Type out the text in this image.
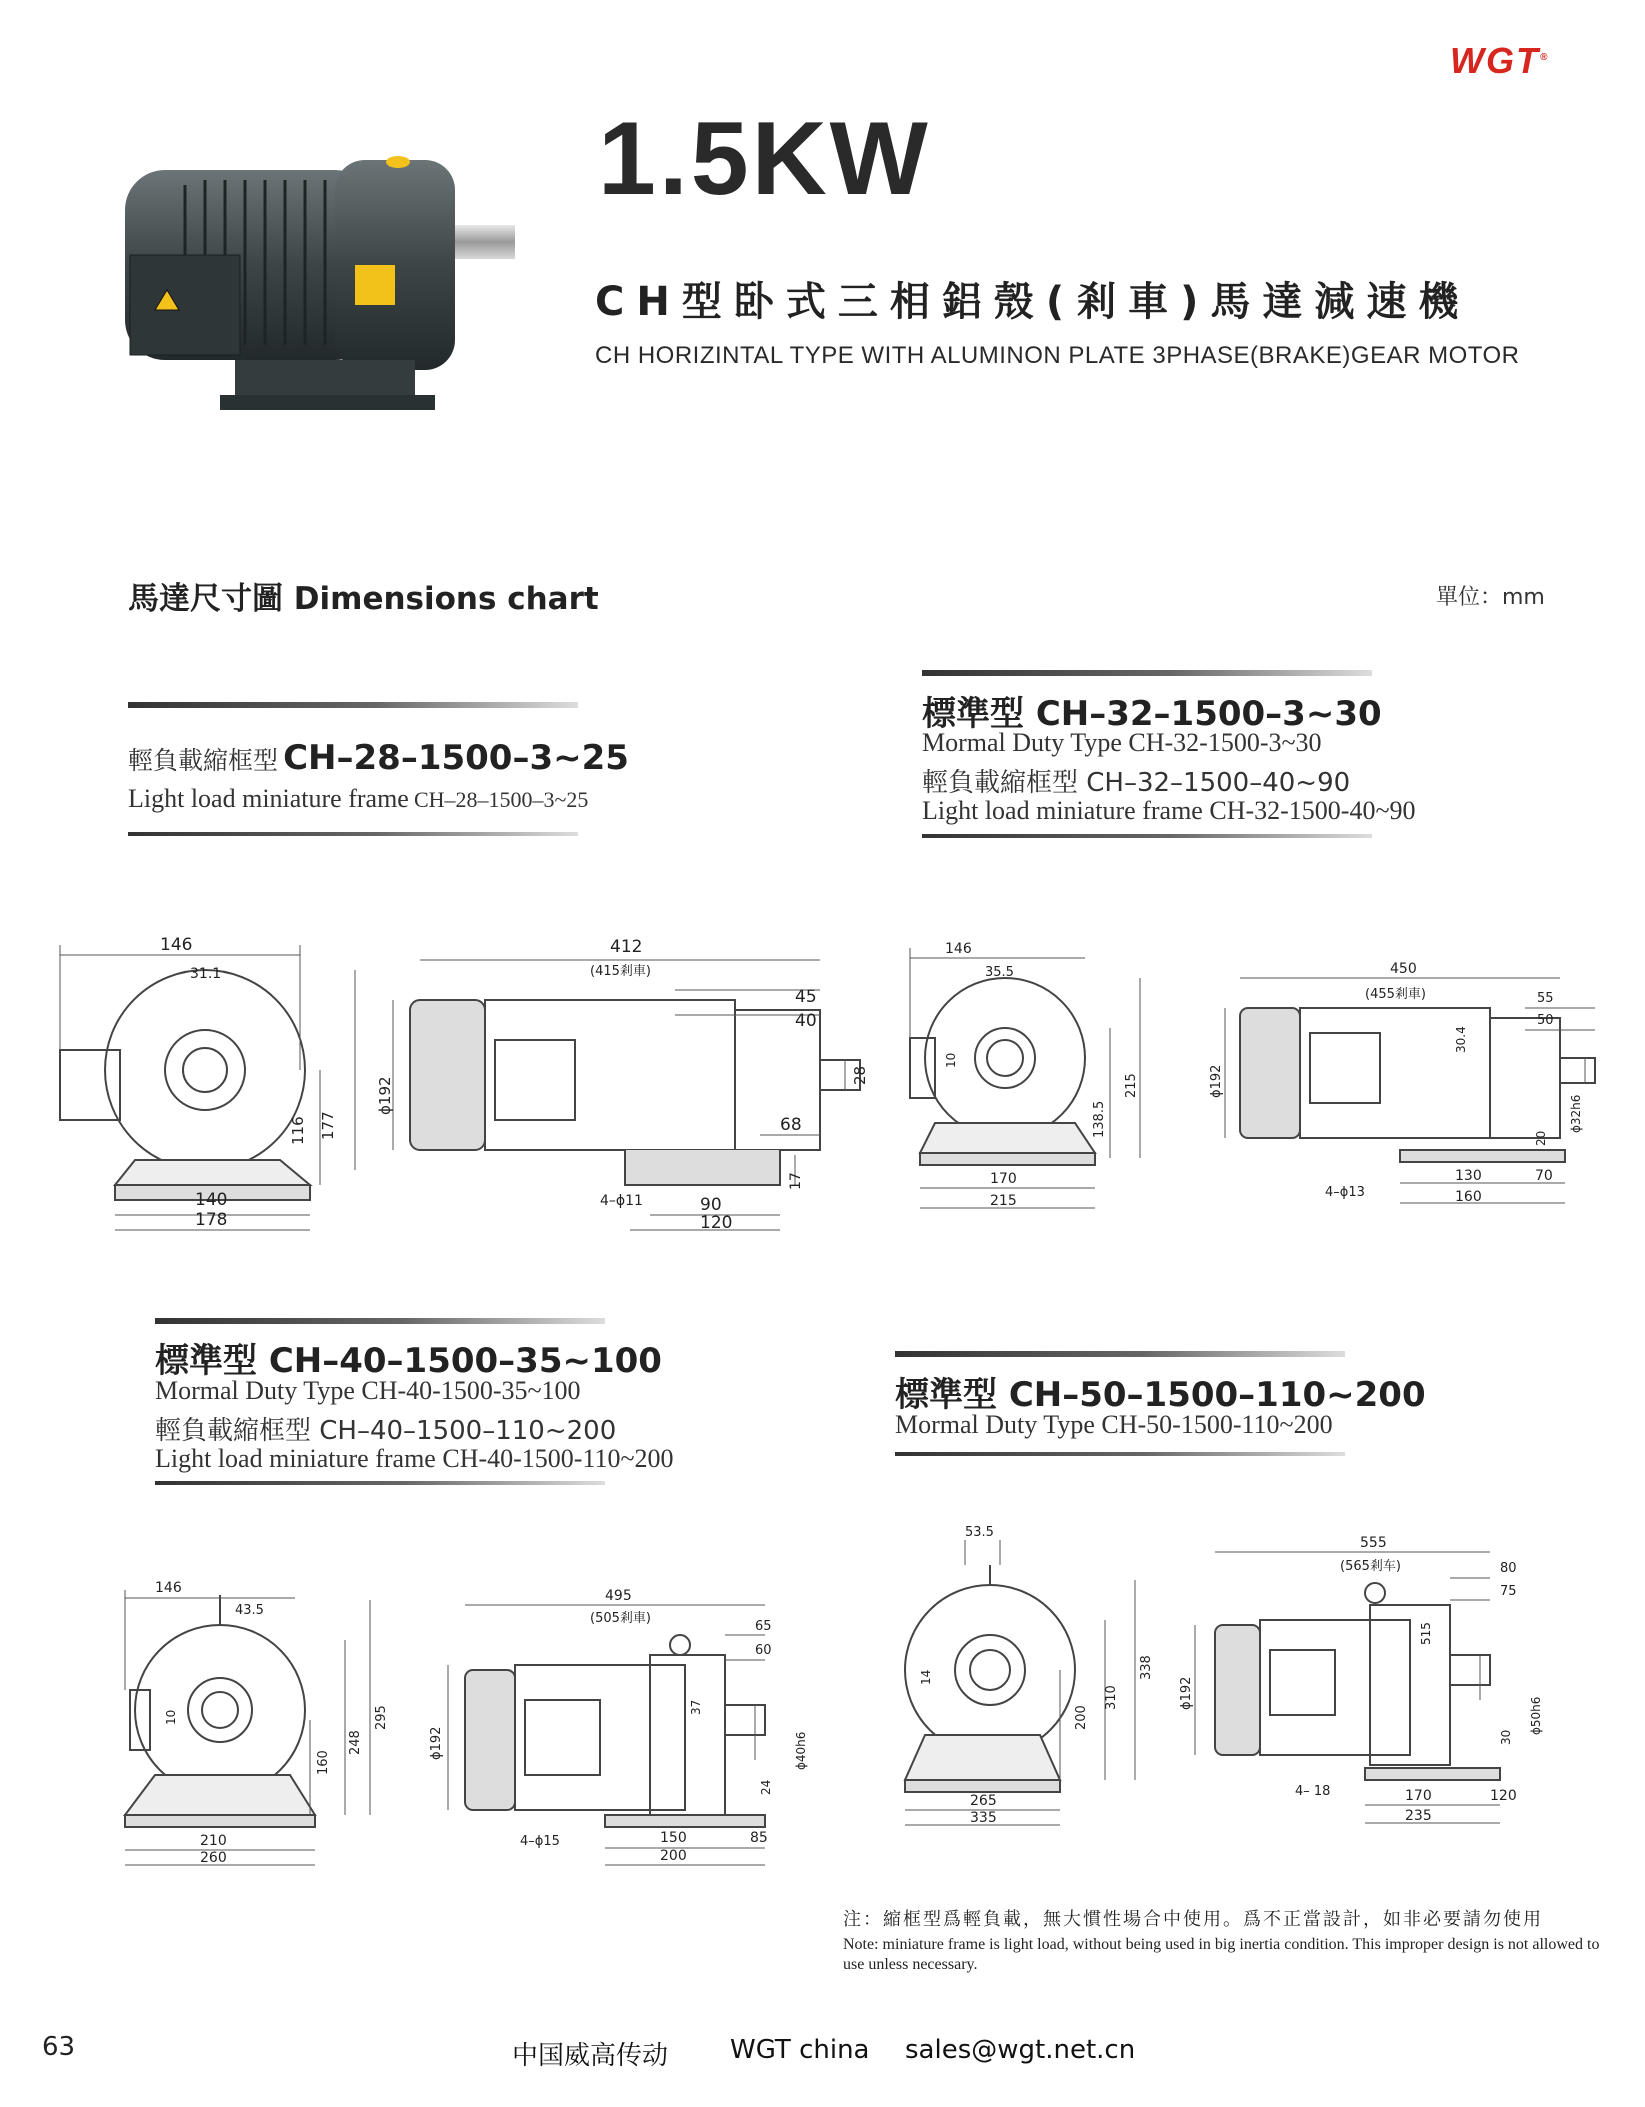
WGT®
1.5KW
CH型卧式三相鋁殼(剎車)馬達減速機
CH HORIZINTAL TYPE WITH ALUMINON PLATE 3PHASE(BRAKE)GEAR MOTOR
馬達尺寸圖 Dimensions chart	單位：mm
輕負載縮框型 CH–28–1500–3~25
Light load miniature frame CH–28–1500–3~25
標準型 CH–32–1500–3~30
Mormal Duty Type CH-32-1500-3~30
輕負載縮框型 CH–32–1500–40~90
Light load miniature frame CH-32-1500-40~90
146
31.1
177
116
140
178
412
(415剎車)
45
40
28
ϕ192
68
17
4–ϕ11	90
120
146
35.5
10
138.5
215
170
215
450
(455剎車)	55
50
30.4
ϕ192
20
ϕ32h6
4–ϕ13
130	70
160
標準型 CH–40–1500–35~100
Mormal Duty Type CH-40-1500-35~100
輕負載縮框型 CH–40–1500–110~200
Light load miniature frame CH-40-1500-110~200
標準型 CH–50–1500–110~200
Mormal Duty Type CH-50-1500-110~200
146
43.5
10
160
248
295
210
260
495
(505剎車)
65
60
37
ϕ192
24
ϕ40h6
4–ϕ15	150	85
200
53.5
14
200
310
338
265
335
555
(565剎车)	80
75
515
ϕ192
30
ϕ50h6
4– 18	170	120
235
注：縮框型爲輕負載，無大慣性場合中使用。爲不正當設計，如非必要請勿使用
Note: miniature frame is light load, without being used in big inertia condition. This improper design is not allowed to use unless necessary.
63	中国威高传动 WGT china sales@wgt.net.cn
